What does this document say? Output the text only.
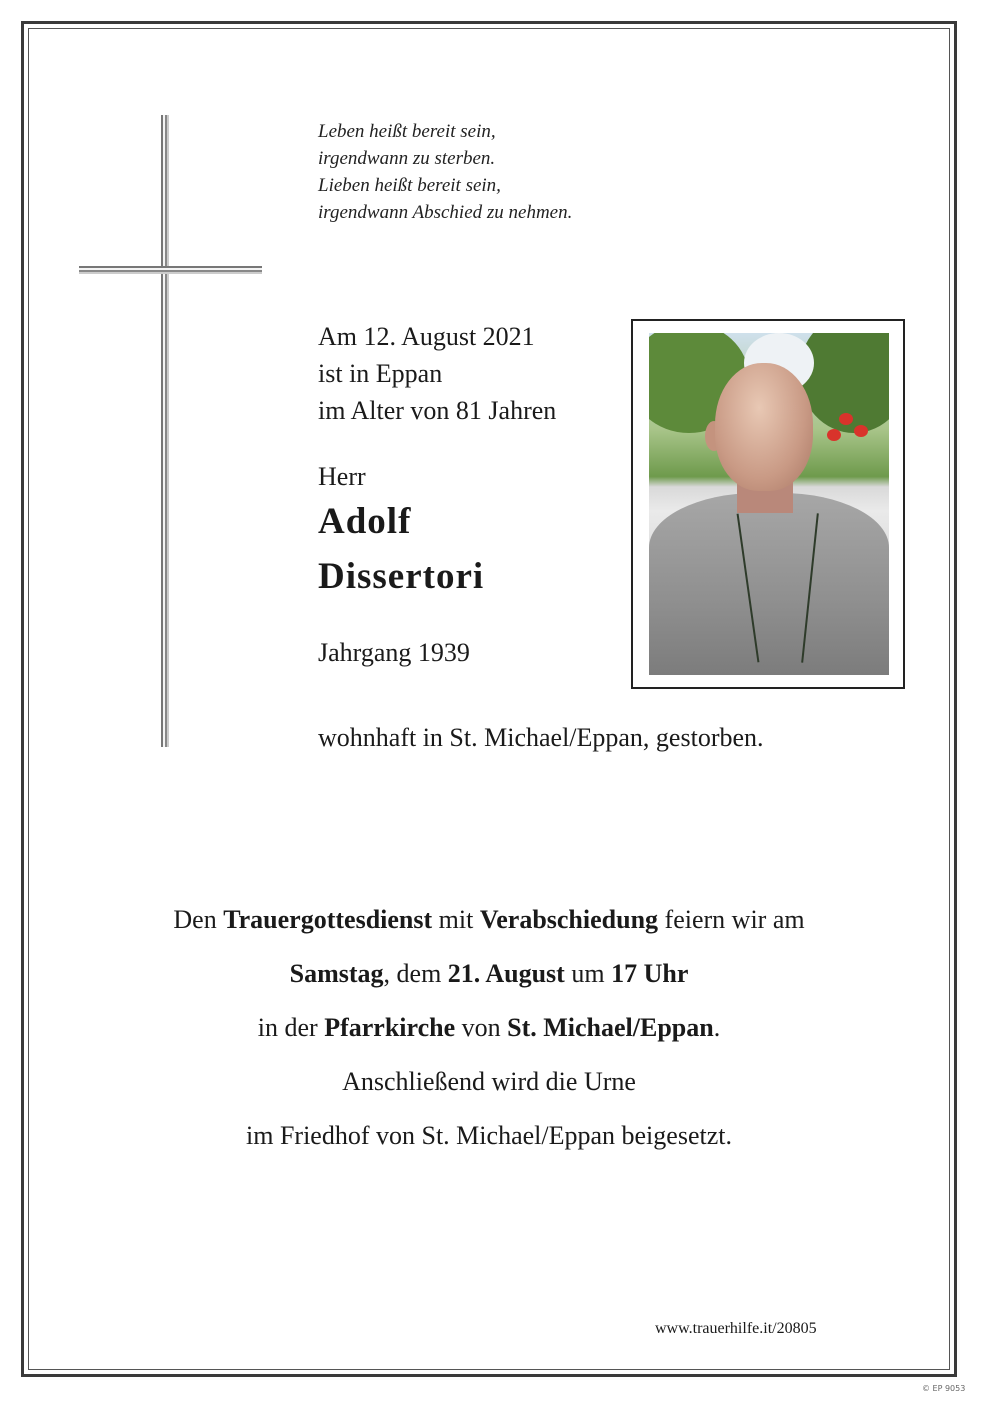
Leben heißt bereit sein,
irgendwann zu sterben.
Lieben heißt bereit sein,
irgendwann Abschied zu nehmen.
Am 12. August 2021
ist in Eppan
im Alter von 81 Jahren
Herr
Adolf
Dissertori
Jahrgang 1939
wohnhaft in St. Michael/Eppan, gestorben.
Den Trauergottesdienst mit Verabschiedung feiern wir am
Samstag, dem 21. August um 17 Uhr
in der Pfarrkirche von St. Michael/Eppan.
Anschließend wird die Urne
im Friedhof von St. Michael/Eppan beigesetzt.
www.trauerhilfe.it/20805
© EP 9053
